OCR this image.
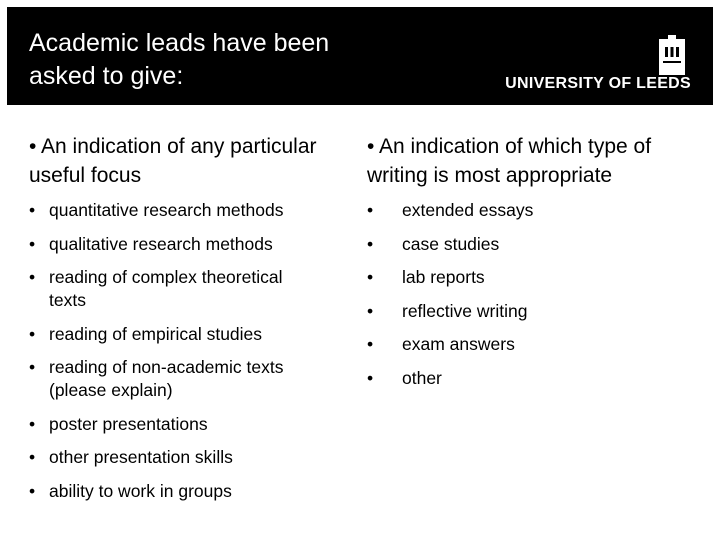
Academic leads have been
asked to give:	UNIVERSITY OF LEEDS

• An indication of any particular
useful focus

• quantitative research methods
• qualitative research methods
• reading of complex theoretical texts
• reading of empirical studies
• reading of non-academic texts (please explain)
• poster presentations
• other presentation skills
• ability to work in groups

• An indication of which type of
writing is most appropriate

• extended essays
• case studies
• lab reports
• reflective writing
• exam answers
• other
